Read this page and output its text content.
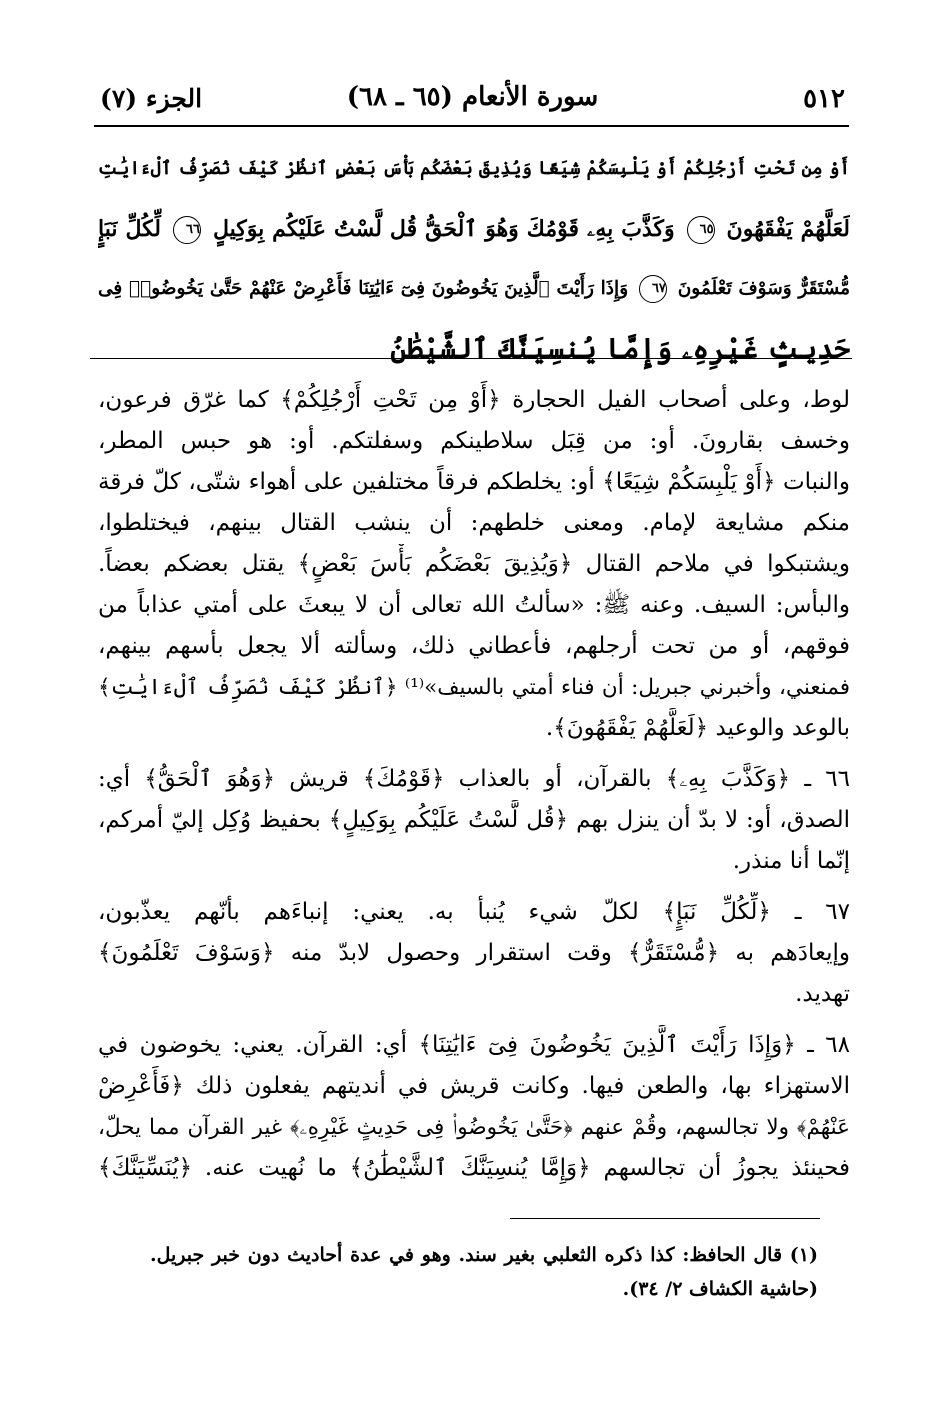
الجزء (٧)	سورة الأنعام (٦٥ ـ ٦٨)	٥١٢
أَوْ مِن تَحْتِ أَرْجُلِكُمْ أَوْ يَلْبِسَكُمْ شِيَعًا وَيُذِيقَ بَعْضَكُم بَأْسَ بَعْضٍ ٱنظُرْ كَيْفَ نُصَرِّفُ ٱلْءَايَٰتِ
لَعَلَّهُمْ يَفْقَهُونَ ٦٥ وَكَذَّبَ بِهِۦ قَوْمُكَ وَهُوَ ٱلْحَقُّ قُل لَّسْتُ عَلَيْكُم بِوَكِيلٍ ٦٦ لِّكُلِّ نَبَإٍ
مُّسْتَقَرٌّ وَسَوْفَ تَعْلَمُونَ ٦٧ وَإِذَا رَأَيْتَ ٱلَّذِينَ يَخُوضُونَ فِىٓ ءَايَٰتِنَا فَأَعْرِضْ عَنْهُمْ حَتَّىٰ يَخُوضُوا۟ فِى
حَدِيثٍ غَيْرِهِۦ وَإِمَّا يُنسِيَنَّكَ ٱلشَّيْطَٰنُ
لوط، وعلى أصحاب الفيل الحجارة ﴿أَوْ مِن تَحْتِ أَرْجُلِكُمْ﴾ كما غرّق فرعون،
وخسف بقارونَ. أو: من قِبَل سلاطينكم وسفلتكم. أو: هو حبس المطر،
والنبات ﴿أَوْ يَلْبِسَكُمْ شِيَعًا﴾ أو: يخلطكم فرقاً مختلفين على أهواء شتّى، كلّ فرقة
منكم مشايعة لإمام. ومعنى خلطهم: أن ينشب القتال بينهم، فيختلطوا،
ويشتبكوا في ملاحم القتال ﴿وَيُذِيقَ بَعْضَكُم بَأْسَ بَعْضٍ﴾ يقتل بعضكم بعضاً.
والبأس: السيف. وعنه ﷺ: «سألتُ الله تعالى أن لا يبعثَ على أمتي عذاباً من
فوقهم، أو من تحت أرجلهم، فأعطاني ذلك، وسألته ألا يجعل بأسهم بينهم،
فمنعني، وأخبرني جبريل: أن فناء أمتي بالسيف»⁽¹⁾ ﴿ٱنظُرْ كَيْفَ نُصَرِّفُ ٱلْءَايَٰتِ﴾
بالوعد والوعيد ﴿لَعَلَّهُمْ يَفْقَهُونَ﴾.
٦٦ ـ ﴿وَكَذَّبَ بِهِۦ﴾ بالقرآن، أو بالعذاب ﴿قَوْمُكَ﴾ قريش ﴿وَهُوَ ٱلْحَقُّ﴾ أي:
الصدق، أو: لا بدّ أن ينزل بهم ﴿قُل لَّسْتُ عَلَيْكُم بِوَكِيلٍ﴾ بحفيظ وُكِل إليّ أمركم،
إنّما أنا منذر.
٦٧ ـ ﴿لِّكُلِّ نَبَإٍ﴾ لكلّ شيء يُنبأ به. يعني: إنباءَهم بأنّهم يعذّبون،
وإيعادَهم به ﴿مُّسْتَقَرٌّ﴾ وقت استقرار وحصول لابدّ منه ﴿وَسَوْفَ تَعْلَمُونَ﴾
تهديد.
٦٨ ـ ﴿وَإِذَا رَأَيْتَ ٱلَّذِينَ يَخُوضُونَ فِىٓ ءَايَٰتِنَا﴾ أي: القرآن. يعني: يخوضون في
الاستهزاء بها، والطعن فيها. وكانت قريش في أنديتهم يفعلون ذلك ﴿فَأَعْرِضْ
عَنْهُمْ﴾ ولا تجالسهم، وقُمْ عنهم ﴿حَتَّىٰ يَخُوضُوا۟ فِى حَدِيثٍ غَيْرِهِۦ﴾ غير القرآن مما يحلّ،
فحينئذ يجوزُ أن تجالسهم ﴿وَإِمَّا يُنسِيَنَّكَ ٱلشَّيْطَٰنُ﴾ ما نُهيت عنه. ﴿يُنَسِّيَنَّكَ﴾
(١) قال الحافظ: كذا ذكره الثعلبي بغير سند. وهو في عدة أحاديث دون خبر جبريل.
(حاشية الكشاف ٢/ ٣٤).
